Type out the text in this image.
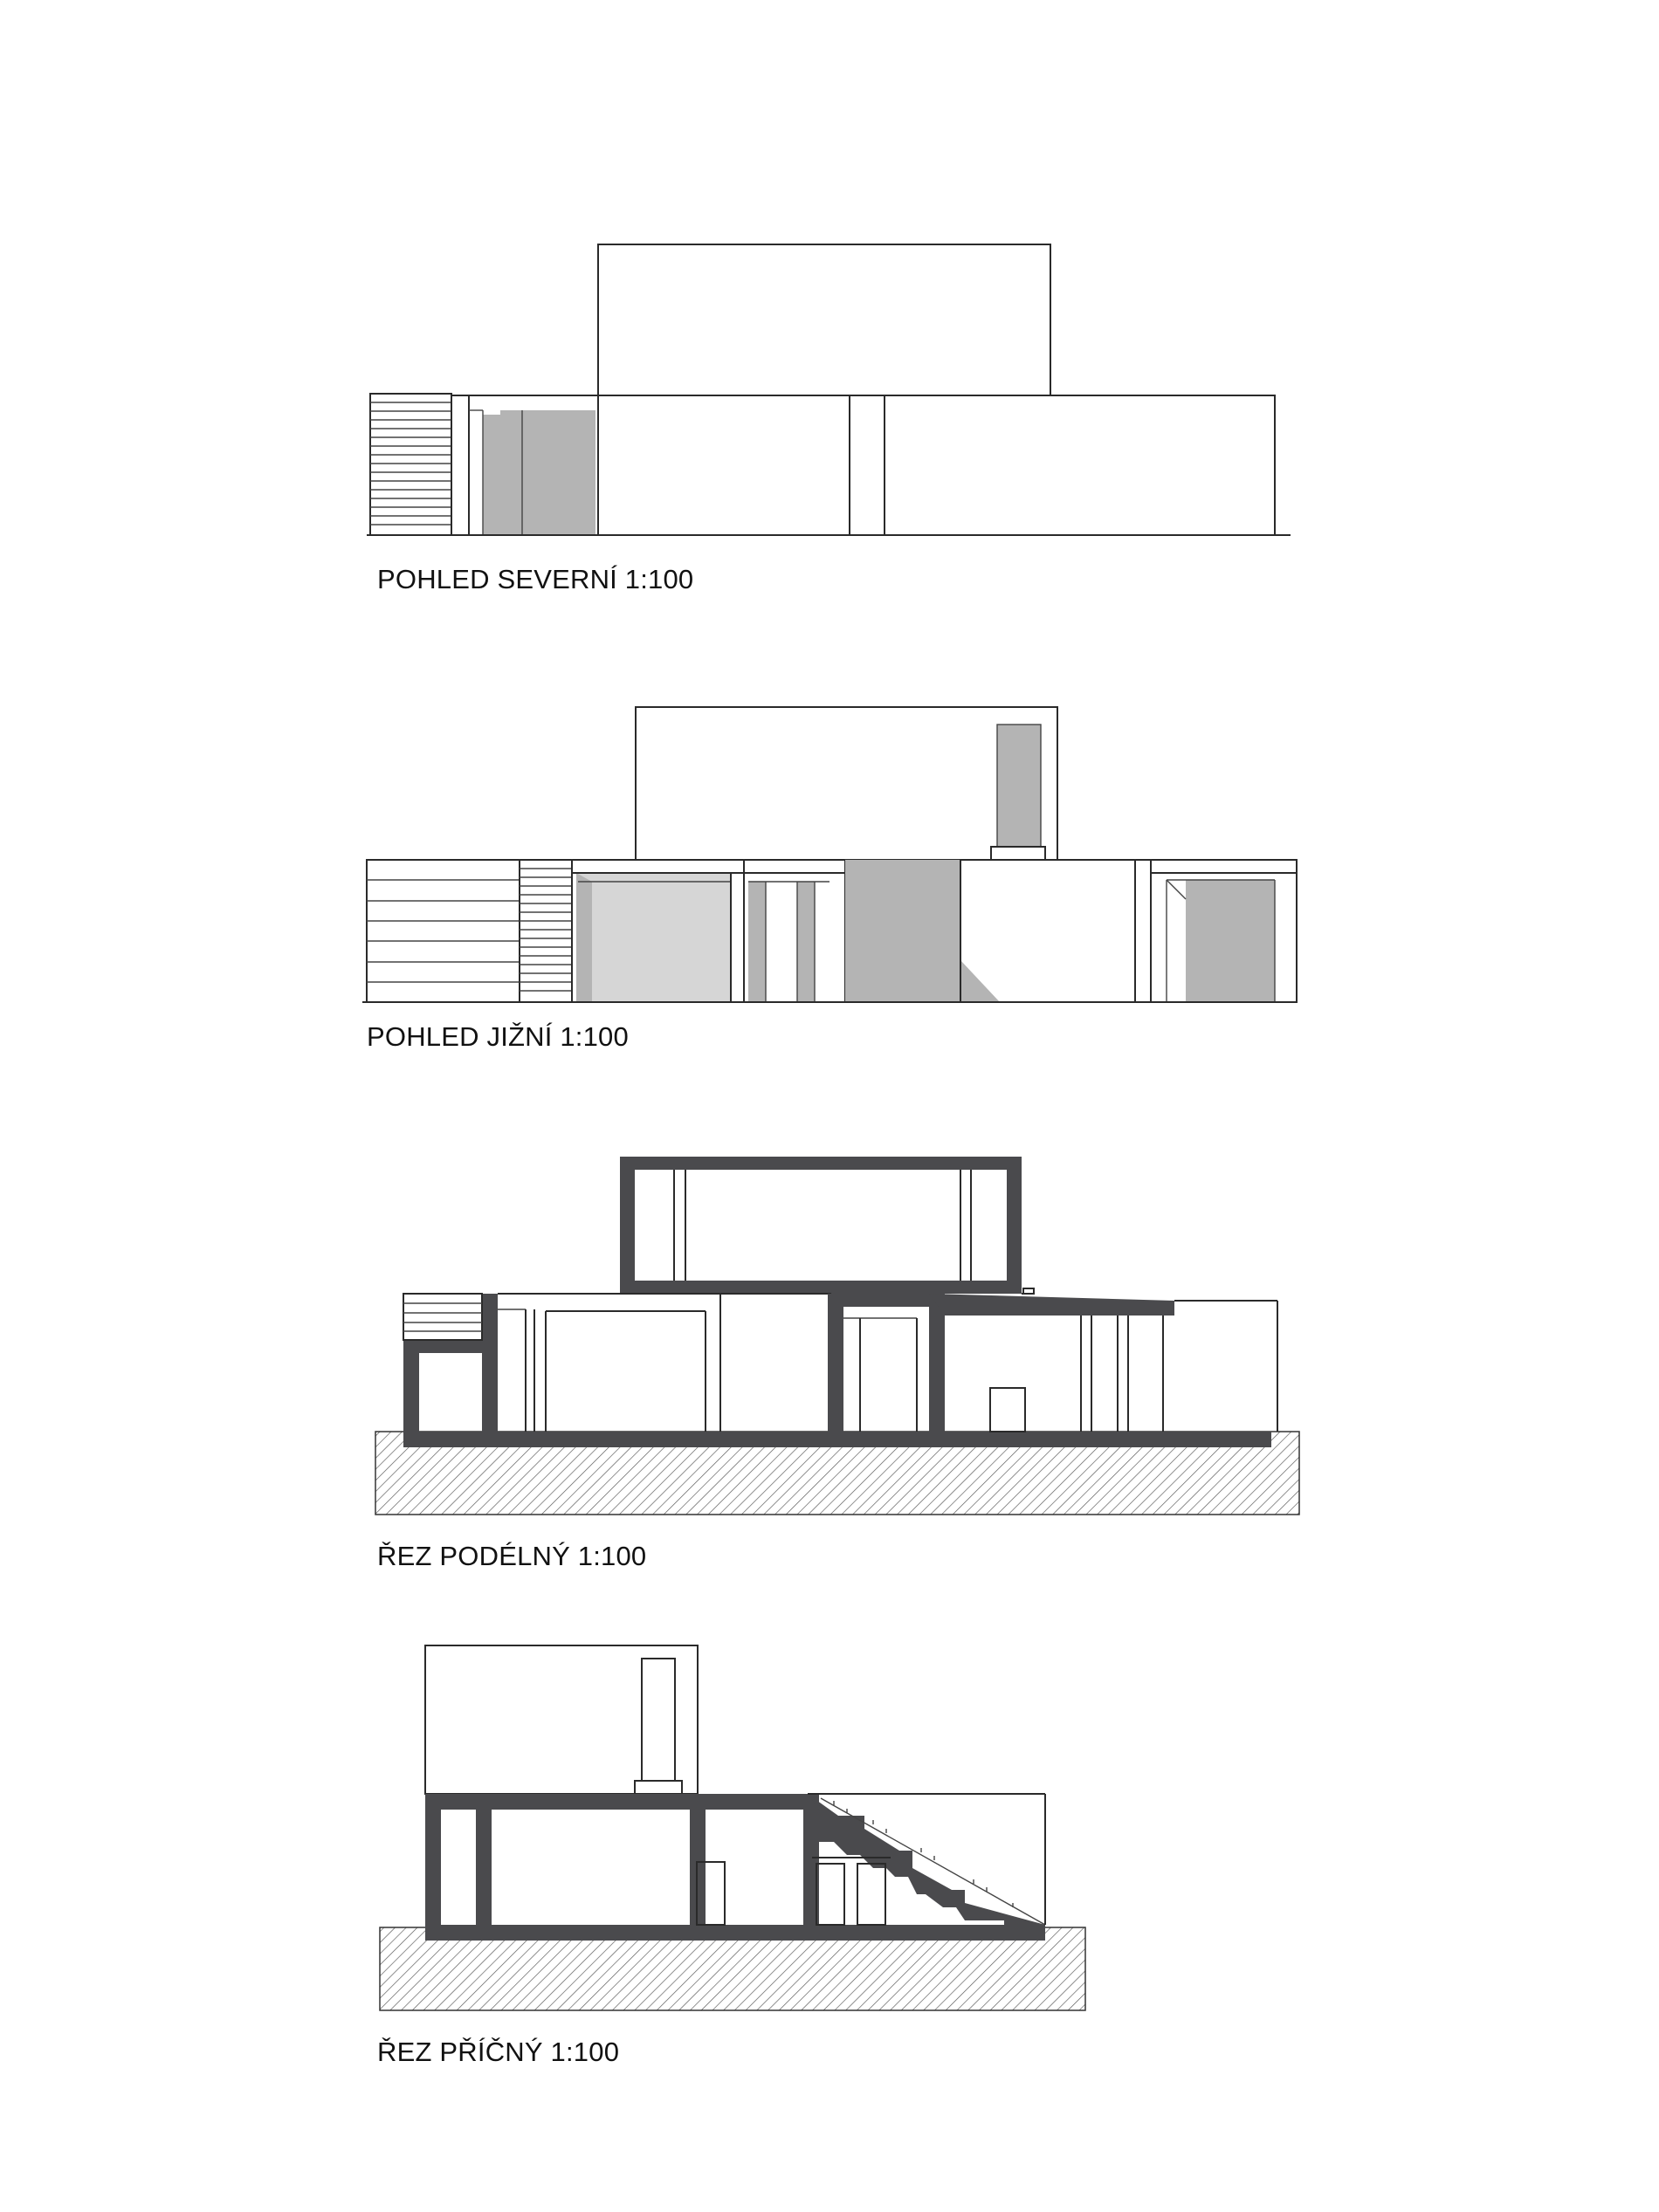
POHLED SEVERNÍ 1:100
POHLED JIŽNÍ 1:100
ŘEZ PODÉLNÝ 1:100
ŘEZ PŘÍČNÝ 1:100
